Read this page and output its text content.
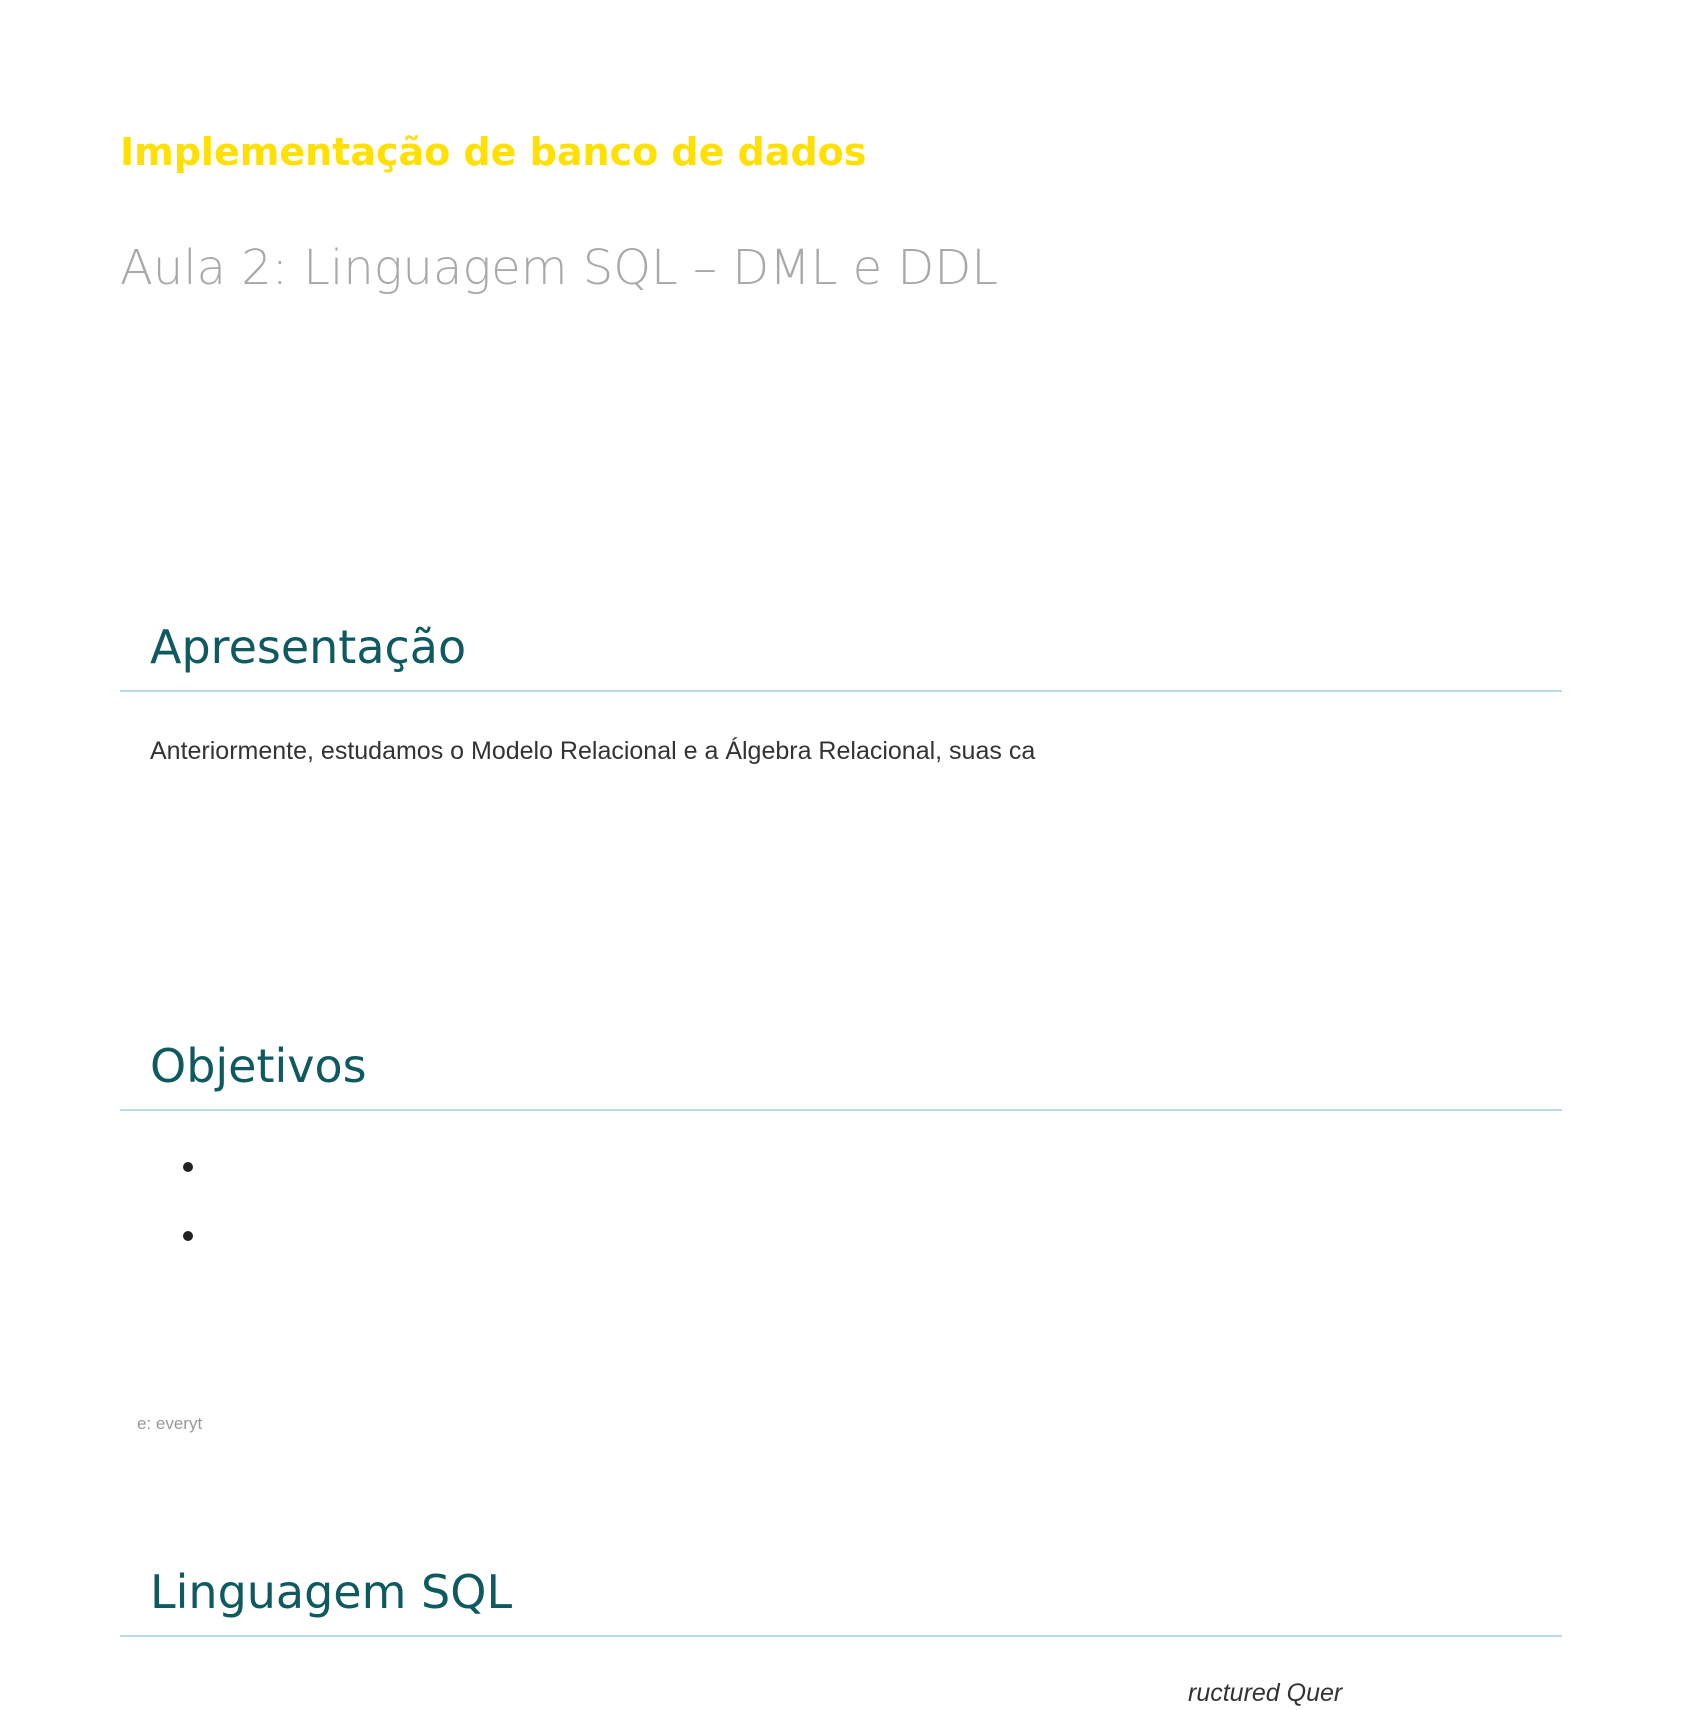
Implementação de banco de dados
Aula 2: Linguagem SQL – DML e DDL
Apresentação
Anteriormente, estudamos o Modelo Relacional e a Álgebra Relacional, suas ca
Objetivos
e: everyt
Linguagem SQL
ructured Quer
